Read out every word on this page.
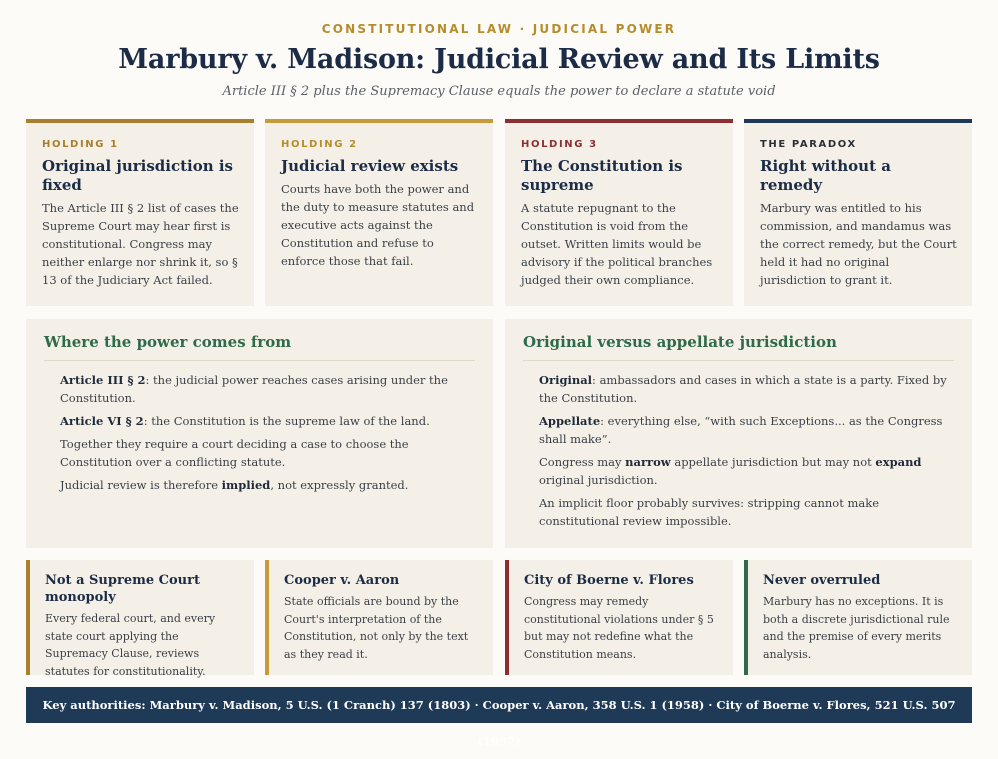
CONSTITUTIONAL LAW · JUDICIAL POWER
Marbury v. Madison: Judicial Review and Its Limits
Article III § 2 plus the Supremacy Clause equals the power to declare a statute void
HOLDING 1
Original jurisdiction is fixed
The Article III § 2 list of cases the Supreme Court may hear first is constitutional. Congress may neither enlarge nor shrink it, so § 13 of the Judiciary Act failed.
HOLDING 2
Judicial review exists
Courts have both the power and the duty to measure statutes and executive acts against the Constitution and refuse to enforce those that fail.
HOLDING 3
The Constitution is supreme
A statute repugnant to the Constitution is void from the outset. Written limits would be advisory if the political branches judged their own compliance.
THE PARADOX
Right without a remedy
Marbury was entitled to his commission, and mandamus was the correct remedy, but the Court held it had no original jurisdiction to grant it.
Where the power comes from
Article III § 2: the judicial power reaches cases arising under the Constitution.
Article VI § 2: the Constitution is the supreme law of the land.
Together they require a court deciding a case to choose the Constitution over a conflicting statute.
Judicial review is therefore implied, not expressly granted.
Original versus appellate jurisdiction
Original: ambassadors and cases in which a state is a party. Fixed by the Constitution.
Appellate: everything else, “with such Exceptions... as the Congress shall make”.
Congress may narrow appellate jurisdiction but may not expand original jurisdiction.
An implicit floor probably survives: stripping cannot make constitutional review impossible.
Not a Supreme Court monopoly
Every federal court, and every state court applying the Supremacy Clause, reviews statutes for constitutionality.
Cooper v. Aaron
State officials are bound by the Court's interpretation of the Constitution, not only by the text as they read it.
City of Boerne v. Flores
Congress may remedy constitutional violations under § 5 but may not redefine what the Constitution means.
Never overruled
Marbury has no exceptions. It is both a discrete jurisdictional rule and the premise of every merits analysis.
Key authorities: Marbury v. Madison, 5 U.S. (1 Cranch) 137 (1803) · Cooper v. Aaron, 358 U.S. 1 (1958) · City of Boerne v. Flores, 521 U.S. 507 (1997)
